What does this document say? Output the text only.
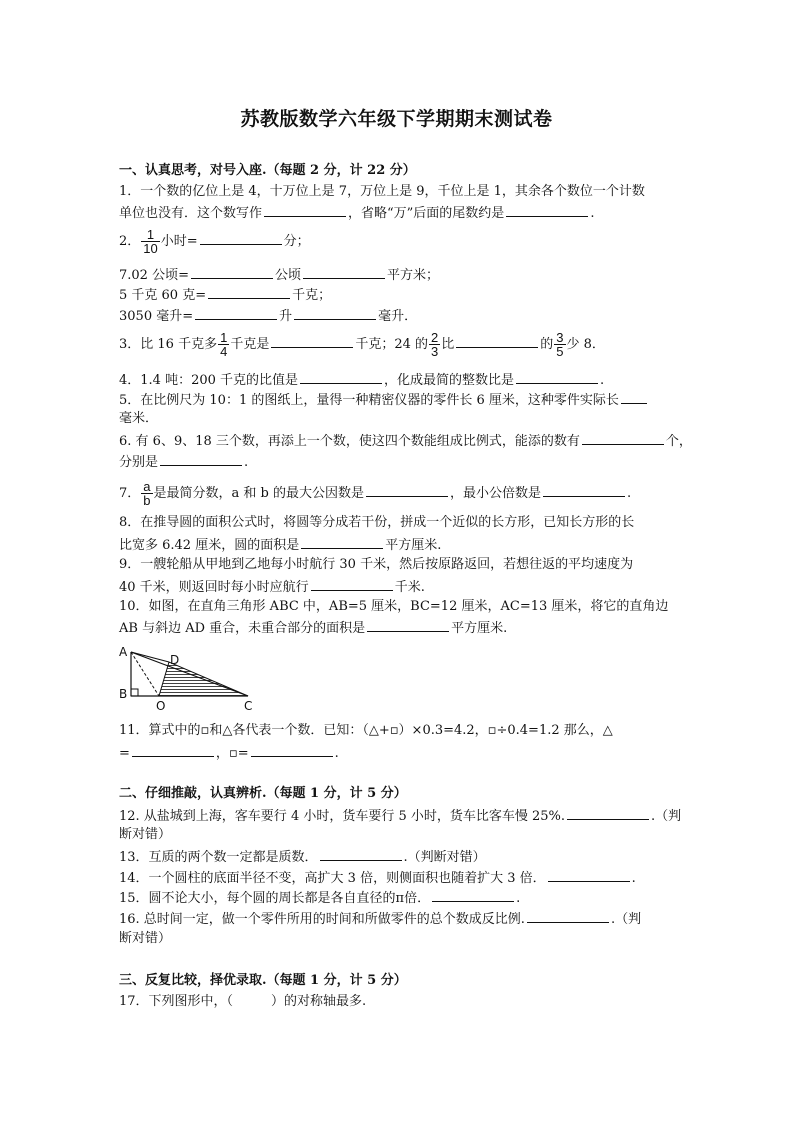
苏教版数学六年级下学期期末测试卷
一、认真思考，对号入座.（每题 2 分，计 22 分）
1．一个数的亿位上是 4，十万位上是 7，万位上是 9，千位上是 1，其余各个数位一个计数
单位也没有．这个数写作	，省略“万”后面的尾数约是	.
2． $\frac{1}{10}$ 小时=	分；
7.02 公顷=	公顷	平方米；
5 千克 60 克=	千克；
3050 毫升=	升	毫升．
3．比 16 千克多 $\frac{1}{4}$ 千克是	千克；24 的 $\frac{2}{3}$ 比	的 $\frac{3}{5}$ 少 8．
4．1.4 吨：200 千克的比值是	，化成最简的整数比是	.
5．在比例尺为 10：1 的图纸上，量得一种精密仪器的零件长 6 厘米，这种零件实际长
毫米．
6. 有 6、9、18 三个数，再添上一个数，使这四个数能组成比例式，能添的数有	个，
分别是	.
7． $\frac{a}{b}$ 是最简分数，a 和 b 的最大公因数是	，最小公倍数是	.
8．在推导圆的面积公式时，将圆等分成若干份，拼成一个近似的长方形，已知长方形的长
比宽多 6.42 厘米，圆的面积是	平方厘米.
9．一艘轮船从甲地到乙地每小时航行 30 千米，然后按原路返回，若想往返的平均速度为
40 千米，则返回时每小时应航行	千米.
10．如图，在直角三角形 ABC 中，AB=5 厘米，BC=12 厘米，AC=13 厘米，将它的直角边
AB 与斜边 AD 重合，未重合部分的面积是	平方厘米.
A
B
D
O	C
11．算式中的▫和△各代表一个数．已知：（△+▫）×0.3=4.2，▫÷0.4=1.2 那么，△
=	，▫=	.
二、仔细推敲，认真辨析.（每题 1 分，计 5 分）
12. 从盐城到上海，客车要行 4 小时，货车要行 5 小时，货车比客车慢 25%.	.（判
断对错）
13．互质的两个数一定都是质数．	.（判断对错）
14．一个圆柱的底面半径不变，高扩大 3 倍，则侧面积也随着扩大 3 倍．	.
15．圆不论大小，每个圆的周长都是各自直径的π倍．	.
16. 总时间一定，做一个零件所用的时间和所做零件的总个数成反比例.	.（判
断对错）
三、反复比较，择优录取.（每题 1 分，计 5 分）
17．下列图形中，（	）的对称轴最多.
